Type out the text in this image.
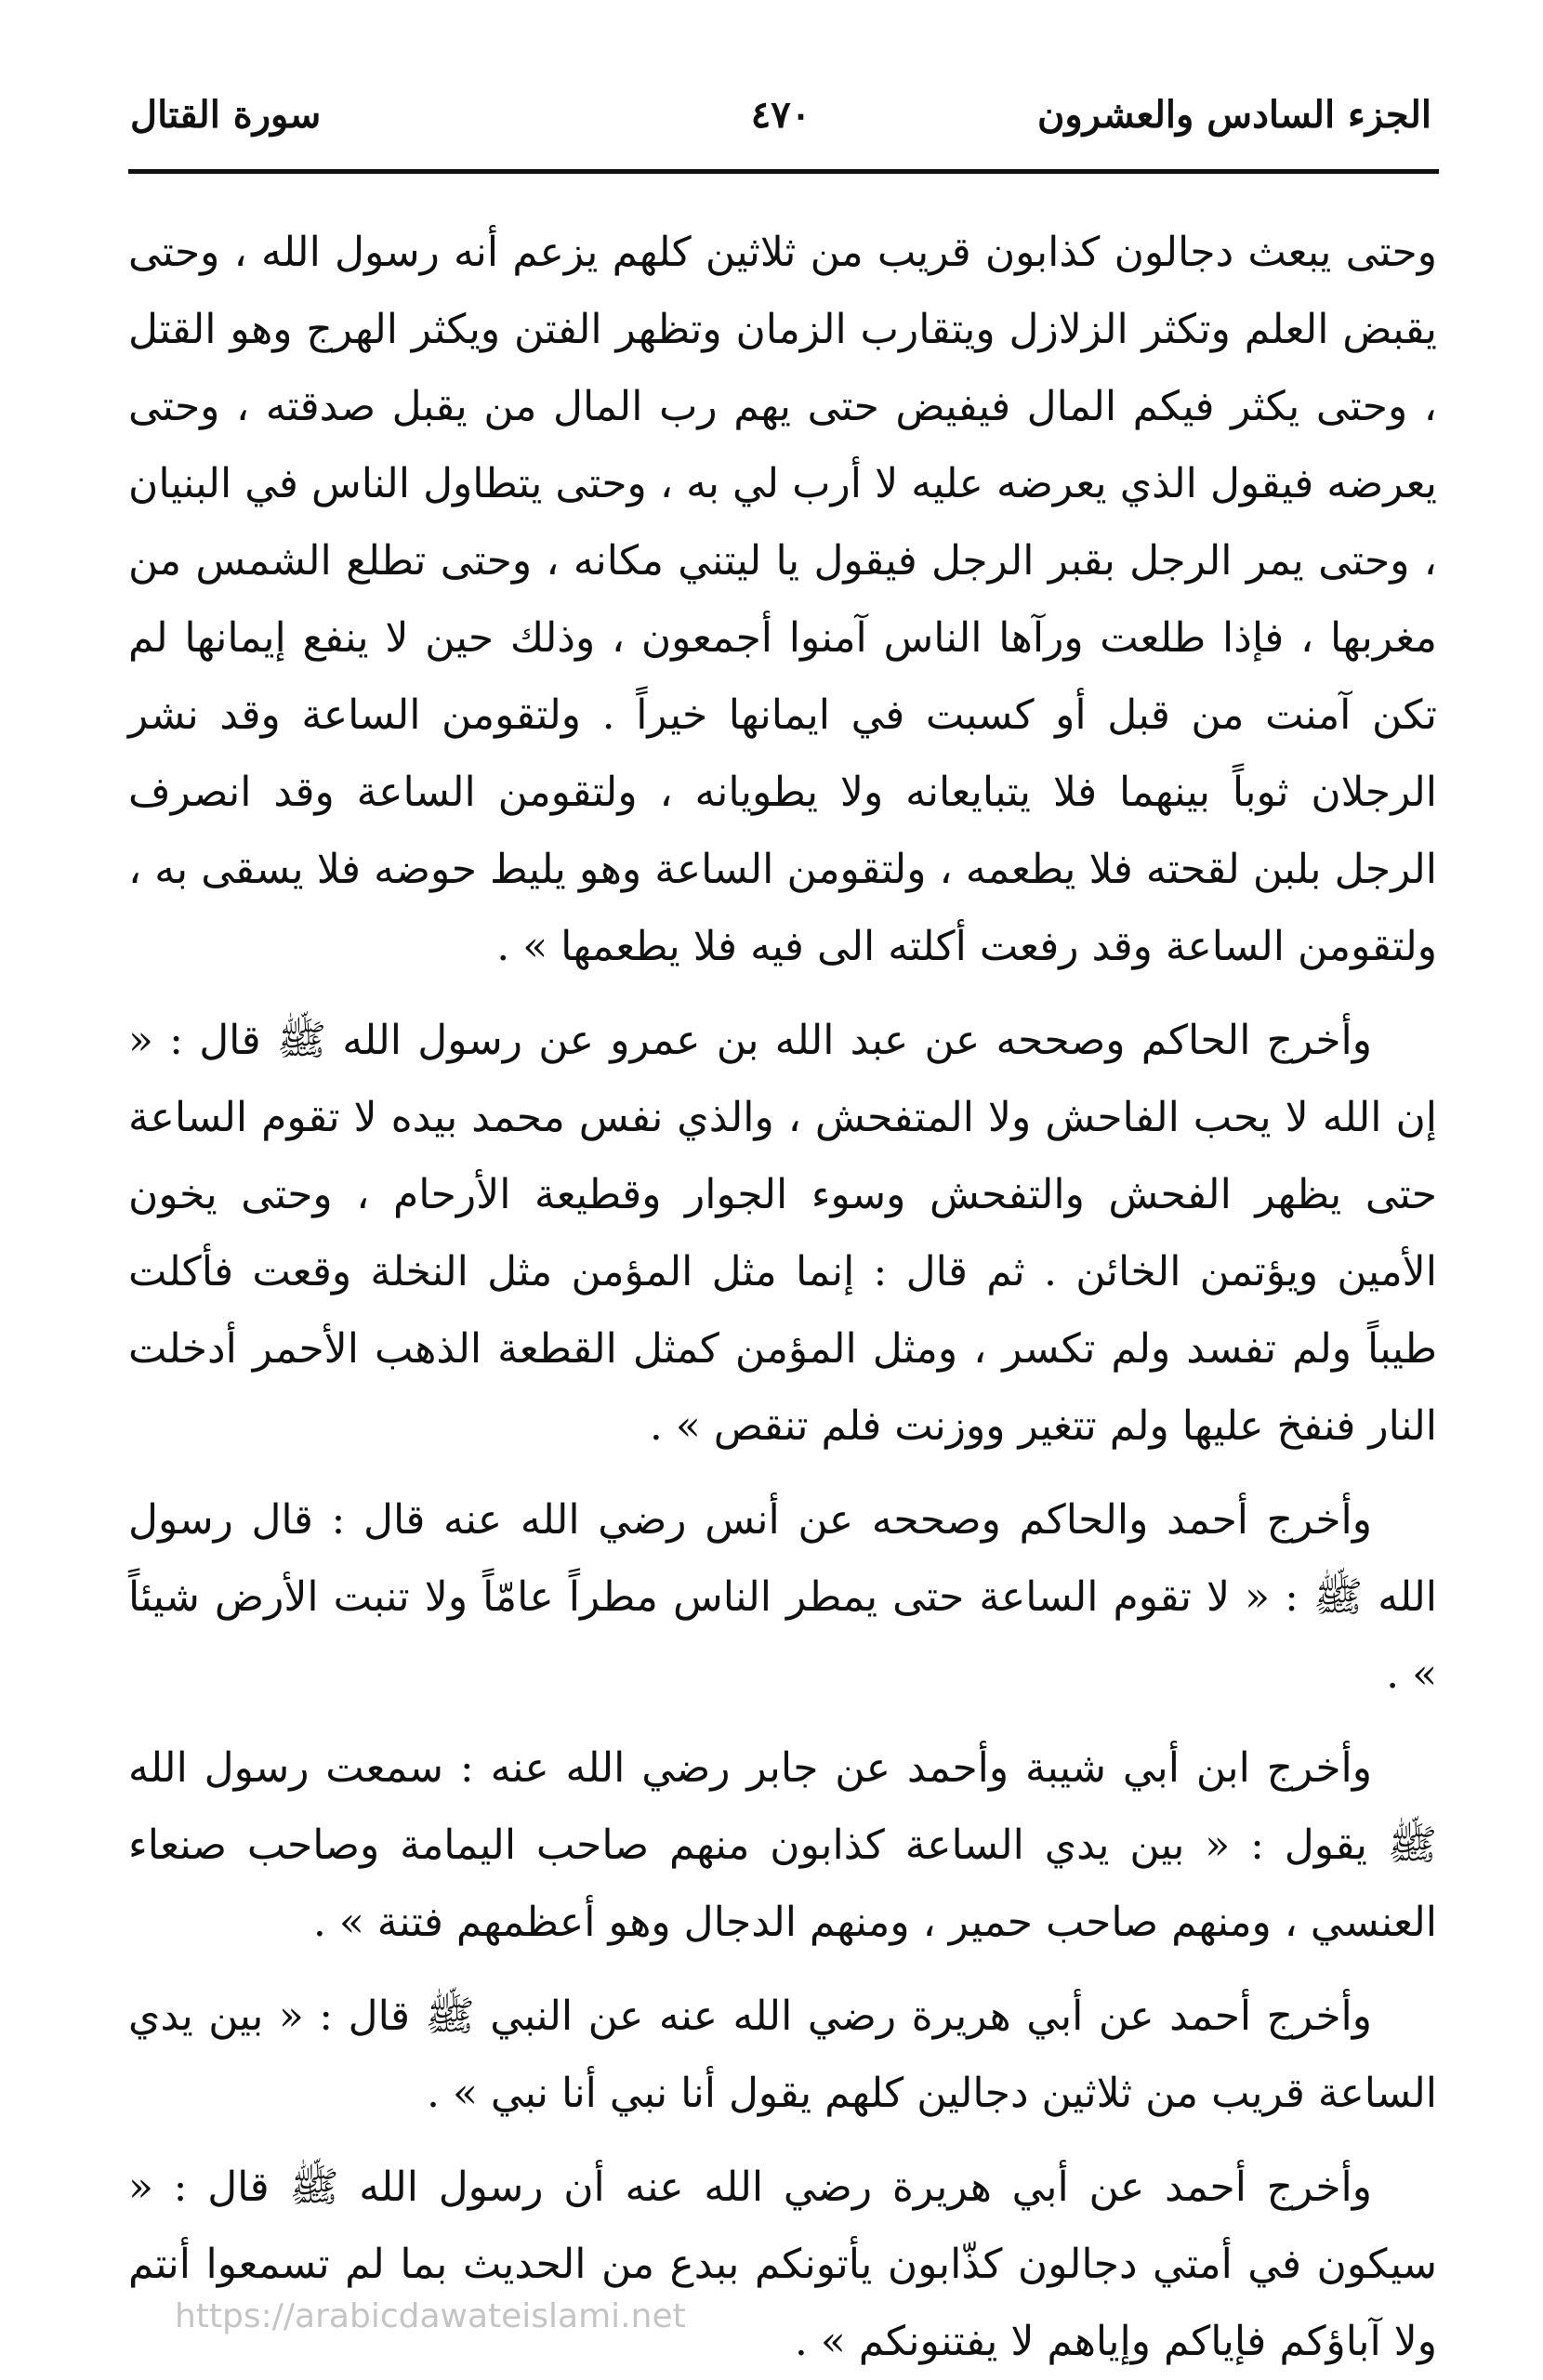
الجزء السادس والعشرون
سورة القتال	٤٧٠

وحتى يبعث دجالون كذابون قريب من ثلاثين كلهم يزعم أنه رسول الله ، وحتى يقبض العلم وتكثر الزلازل ويتقارب الزمان وتظهر الفتن ويكثر الهرج وهو القتل ، وحتى يكثر فيكم المال فيفيض حتى يهم رب المال من يقبل صدقته ، وحتى يعرضه فيقول الذي يعرضه عليه لا أرب لي به ، وحتى يتطاول الناس في البنيان ، وحتى يمر الرجل بقبر الرجل فيقول يا ليتني مكانه ، وحتى تطلع الشمس من مغربها ، فإذا طلعت ورآها الناس آمنوا أجمعون ، وذلك حين لا ينفع إيمانها لم تكن آمنت من قبل أو كسبت في ايمانها خيراً . ولتقومن الساعة وقد نشر الرجلان ثوباً بينهما فلا يتبايعانه ولا يطويانه ، ولتقومن الساعة وقد انصرف الرجل بلبن لقحته فلا يطعمه ، ولتقومن الساعة وهو يليط حوضه فلا يسقى به ، ولتقومن الساعة وقد رفعت أكلته الى فيه فلا يطعمها » .

وأخرج الحاكم وصححه عن عبد الله بن عمرو عن رسول الله ﷺ قال : « إن الله لا يحب الفاحش ولا المتفحش ، والذي نفس محمد بيده لا تقوم الساعة حتى يظهر الفحش والتفحش وسوء الجوار وقطيعة الأرحام ، وحتى يخون الأمين ويؤتمن الخائن . ثم قال : إنما مثل المؤمن مثل النخلة وقعت فأكلت طيباً ولم تفسد ولم تكسر ، ومثل المؤمن كمثل القطعة الذهب الأحمر أدخلت النار فنفخ عليها ولم تتغير ووزنت فلم تنقص » .

وأخرج أحمد والحاكم وصححه عن أنس رضي الله عنه قال : قال رسول الله ﷺ : « لا تقوم الساعة حتى يمطر الناس مطراً عامّاً ولا تنبت الأرض شيئاً » .

وأخرج ابن أبي شيبة وأحمد عن جابر رضي الله عنه : سمعت رسول الله ﷺ يقول : « بين يدي الساعة كذابون منهم صاحب اليمامة وصاحب صنعاء العنسي ، ومنهم صاحب حمير ، ومنهم الدجال وهو أعظمهم فتنة » .

وأخرج أحمد عن أبي هريرة رضي الله عنه عن النبي ﷺ قال : « بين يدي الساعة قريب من ثلاثين دجالين كلهم يقول أنا نبي أنا نبي » .

وأخرج أحمد عن أبي هريرة رضي الله عنه أن رسول الله ﷺ قال : « سيكون في أمتي دجالون كذّابون يأتونكم ببدع من الحديث بما لم تسمعوا أنتم ولا آباؤكم فإياكم وإياهم لا يفتنونكم » .

https://arabicdawateislami.net
